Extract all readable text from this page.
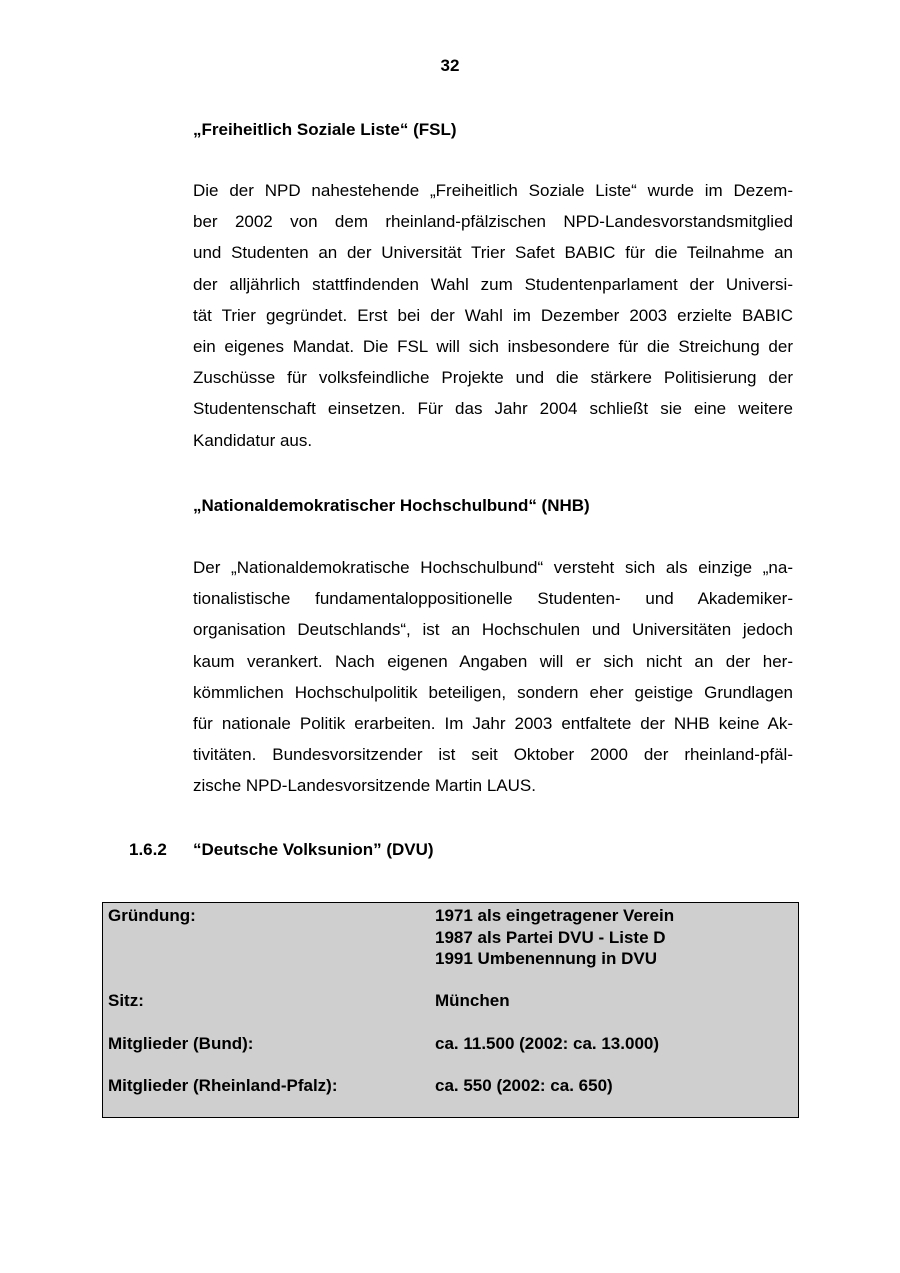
32
„Freiheitlich Soziale Liste“ (FSL)
Die der NPD nahestehende „Freiheitlich Soziale Liste“ wurde im Dezem-
ber 2002 von dem rheinland-pfälzischen NPD-Landesvorstandsmitglied
und Studenten an der Universität Trier Safet BABIC für die Teilnahme an
der alljährlich stattfindenden Wahl zum Studentenparlament der Universi-
tät Trier gegründet. Erst bei der Wahl im Dezember 2003 erzielte BABIC
ein eigenes Mandat. Die FSL will sich insbesondere für die Streichung der
Zuschüsse für volksfeindliche Projekte und die stärkere Politisierung der
Studentenschaft einsetzen. Für das Jahr 2004 schließt sie eine weitere
Kandidatur aus.
„Nationaldemokratischer Hochschulbund“ (NHB)
Der „Nationaldemokratische Hochschulbund“ versteht sich als einzige „na-
tionalistische fundamentaloppositionelle Studenten- und Akademiker-
organisation Deutschlands“, ist an Hochschulen und Universitäten jedoch
kaum verankert. Nach eigenen Angaben will er sich nicht an der her-
kömmlichen Hochschulpolitik beteiligen, sondern eher geistige Grundlagen
für nationale Politik erarbeiten. Im Jahr 2003 entfaltete der NHB keine Ak-
tivitäten. Bundesvorsitzender ist seit Oktober 2000 der rheinland-pfäl-
zische NPD-Landesvorsitzende Martin LAUS.
1.6.2 “Deutsche Volksunion” (DVU)
Gründung:	1971 als eingetragener Verein
1987 als Partei DVU - Liste D
1991 Umbenennung in DVU
Sitz:	München
Mitglieder (Bund):	ca. 11.500 (2002: ca. 13.000)
Mitglieder (Rheinland-Pfalz):	ca. 550 (2002: ca. 650)
